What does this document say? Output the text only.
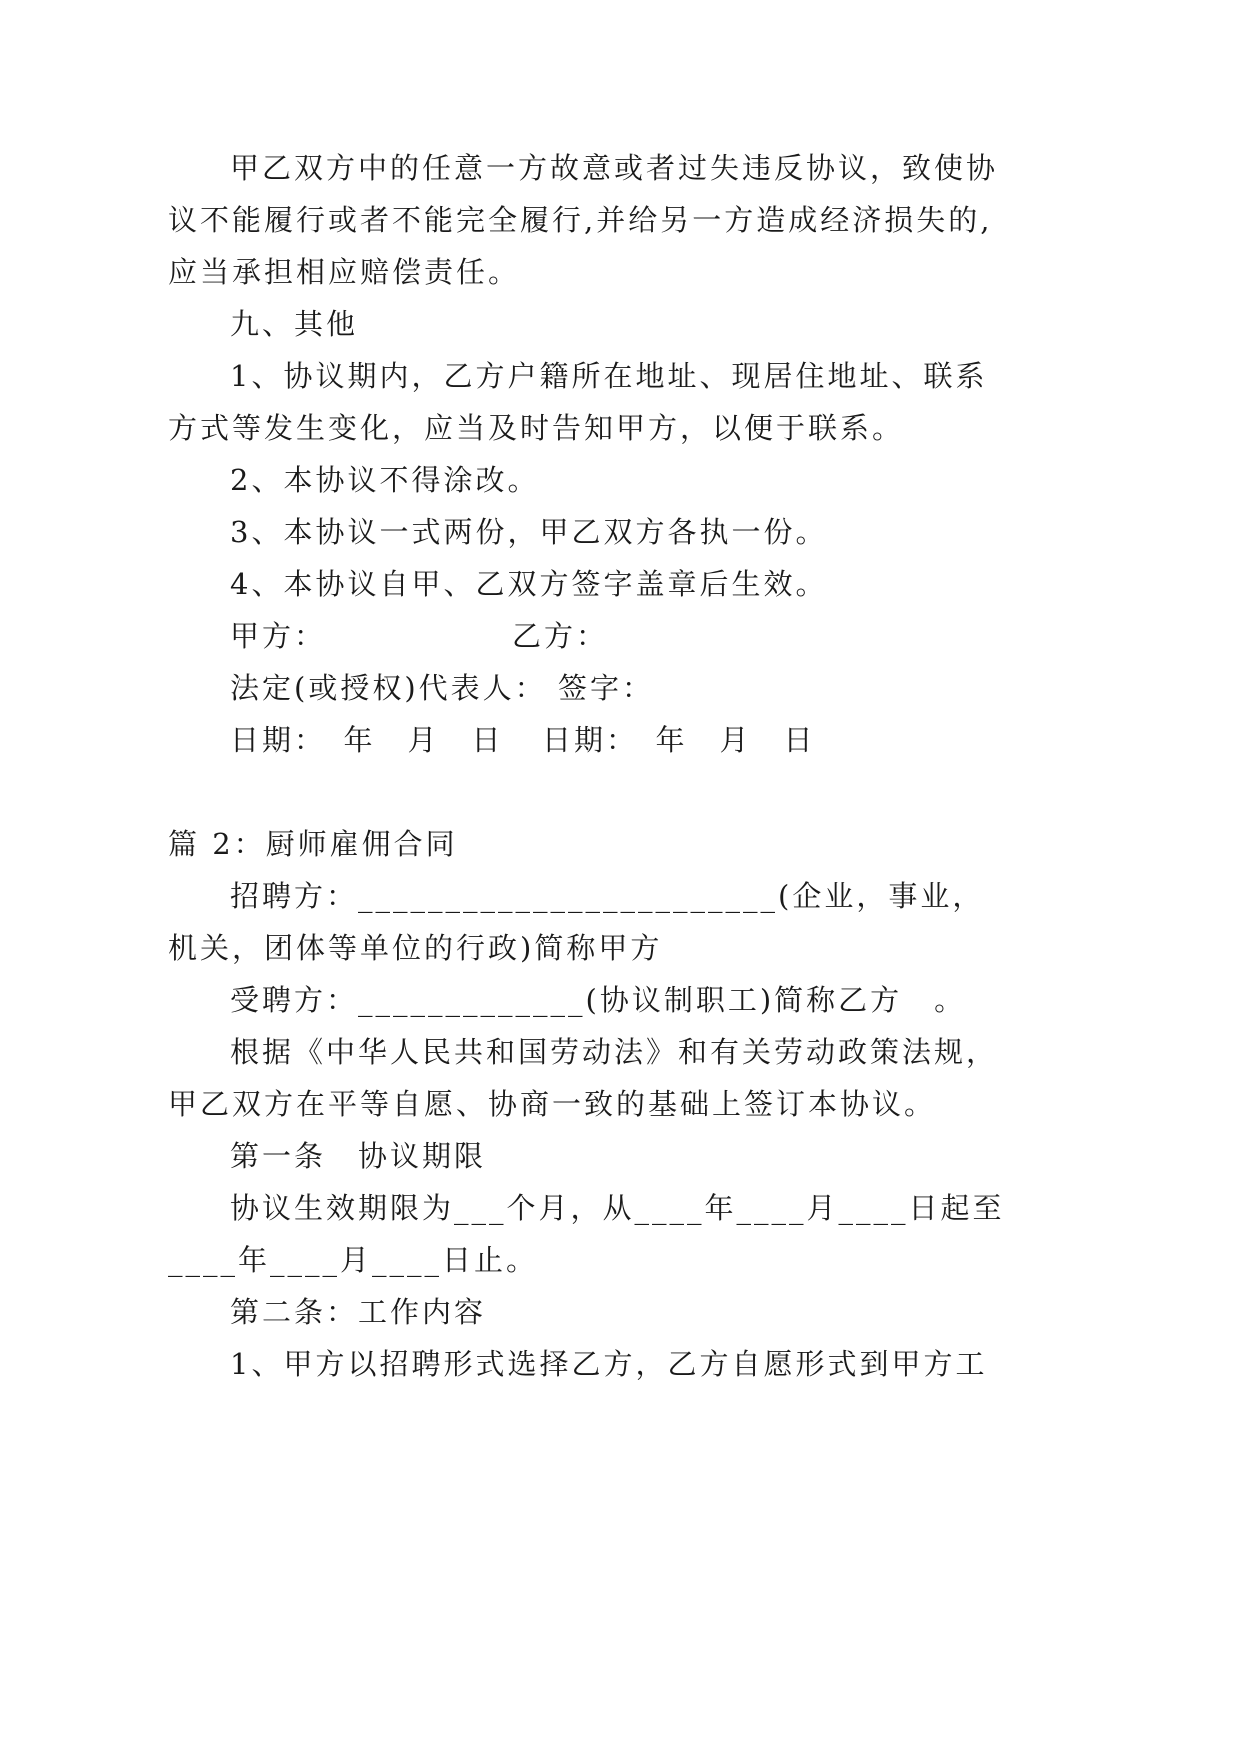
甲乙双方中的任意一方故意或者过失违反协议，致使协
议不能履行或者不能完全履行,并给另一方造成经济损失的,
应当承担相应赔偿责任。
九、其他
1、协议期内，乙方户籍所在地址、现居住地址、联系
方式等发生变化，应当及时告知甲方，以便于联系。
2、本协议不得涂改。
3、本协议一式两份，甲乙双方各执一份。
4、本协议自甲、乙双方签字盖章后生效。
甲方：	乙方：
法定(或授权)代表人： 签字：
日期：　年　月　日 日期：　年　月　日
篇 2：厨师雇佣合同
招聘方：________________________(企业，事业，
机关，团体等单位的行政)简称甲方
受聘方：_____________(协议制职工)简称乙方　。
根据《中华人民共和国劳动法》和有关劳动政策法规，
甲乙双方在平等自愿、协商一致的基础上签订本协议。
第一条　协议期限
协议生效期限为___个月，从____年____月____日起至
____年____月____日止。
第二条：工作内容
1、甲方以招聘形式选择乙方，乙方自愿形式到甲方工
